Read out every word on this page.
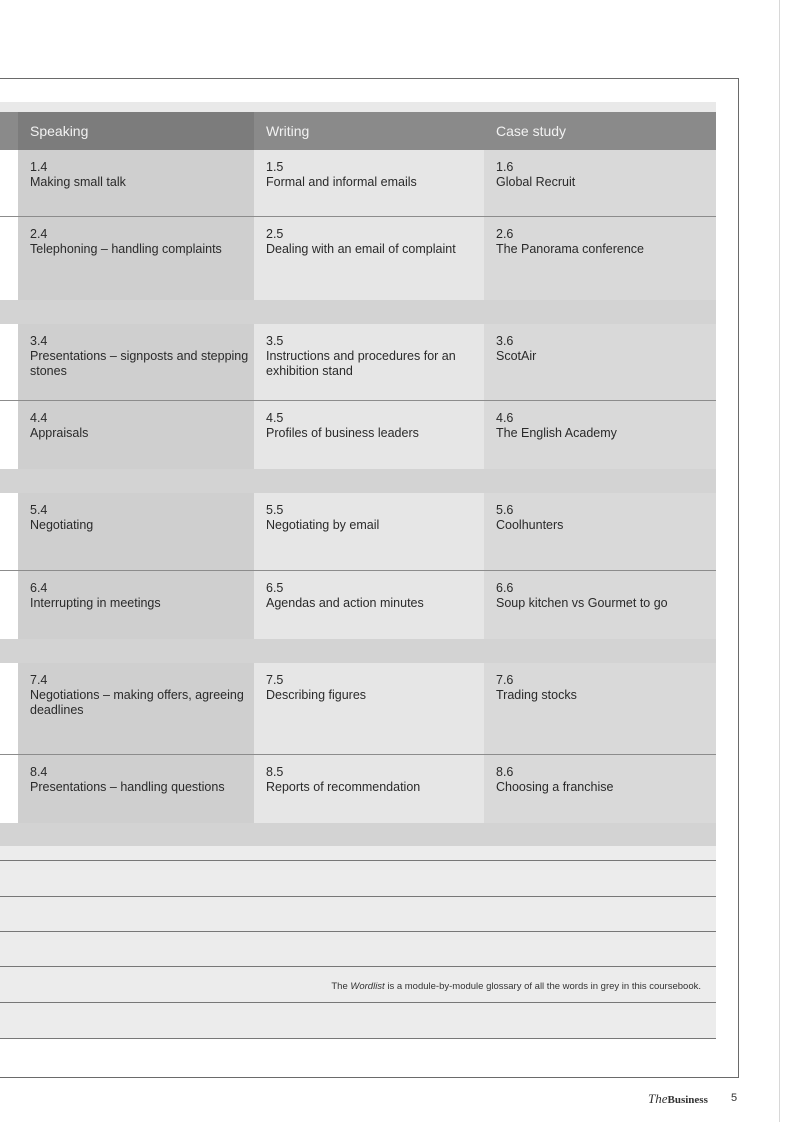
Speaking	Writing	Case study
1.4
Making small talk
1.5
Formal and informal emails
1.6
Global Recruit
2.4
Telephoning – handling complaints
2.5
Dealing with an email of complaint
2.6
The Panorama conference
3.4
Presentations – signposts and stepping stones
3.5
Instructions and procedures for an exhibition stand
3.6
ScotAir
4.4
Appraisals
4.5
Profiles of business leaders
4.6
The English Academy
5.4
Negotiating
5.5
Negotiating by email
5.6
Coolhunters
6.4
Interrupting in meetings
6.5
Agendas and action minutes
6.6
Soup kitchen vs Gourmet to go
7.4
Negotiations – making offers, agreeing deadlines
7.5
Describing figures
7.6
Trading stocks
8.4
Presentations – handling questions
8.5
Reports of recommendation
8.6
Choosing a franchise
The Wordlist is a module-by-module glossary of all the words in grey in this coursebook.
TheBusiness 5
